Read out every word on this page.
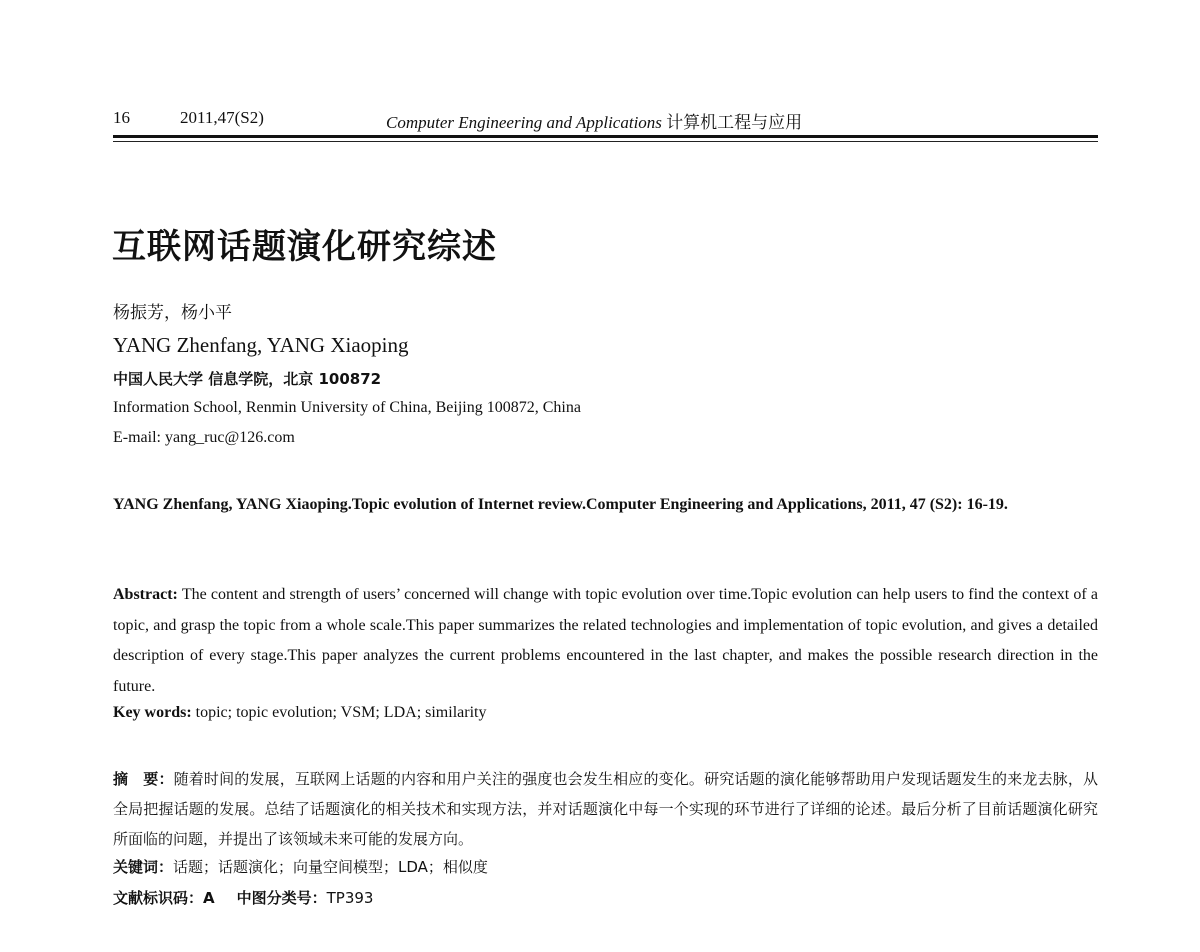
16	2011,47(S2)	Computer Engineering and Applications 计算机工程与应用
互联网话题演化研究综述
杨振芳，杨小平
YANG Zhenfang, YANG Xiaoping
中国人民大学 信息学院，北京 100872
Information School, Renmin University of China, Beijing 100872, China
E-mail: yang_ruc@126.com
YANG Zhenfang, YANG Xiaoping.Topic evolution of Internet review.Computer Engineering and Applications, 2011, 47 (S2): 16-19.
Abstract: The content and strength of users’ concerned will change with topic evolution over time.Topic evolution can help users to find the context of a topic, and grasp the topic from a whole scale.This paper summarizes the related technologies and implementation of topic evolution, and gives a detailed description of every stage.This paper analyzes the current problems encountered in the last chapter, and makes the possible research direction in the future.
Key words: topic; topic evolution; VSM; LDA; similarity
摘　要：随着时间的发展，互联网上话题的内容和用户关注的强度也会发生相应的变化。研究话题的演化能够帮助用户发现话题发生的来龙去脉，从全局把握话题的发展。总结了话题演化的相关技术和实现方法，并对话题演化中每一个实现的环节进行了详细的论述。最后分析了目前话题演化研究所面临的问题，并提出了该领域未来可能的发展方向。
关键词：话题；话题演化；向量空间模型；LDA；相似度
文献标识码：A 中图分类号：TP393
